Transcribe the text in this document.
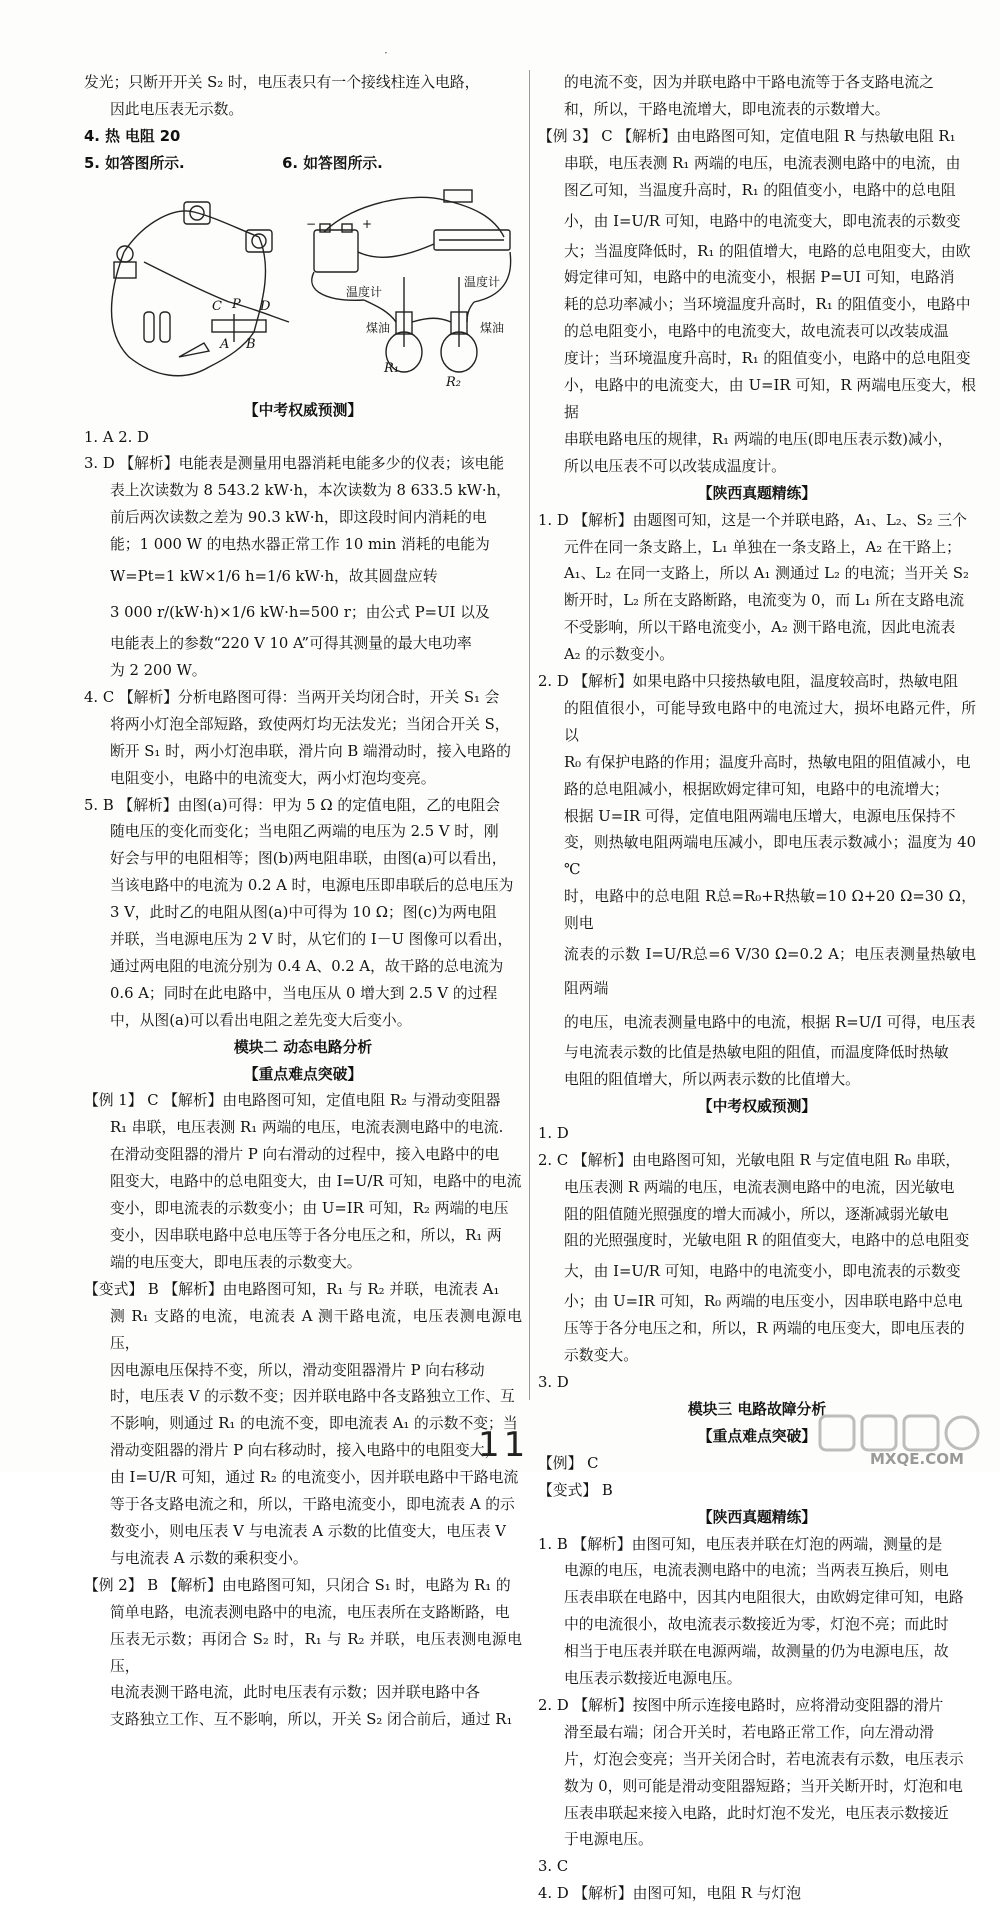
·

发光；只断开开关 S₂ 时，电压表只有一个接线柱连入电路，

因此电压表无示数。

4. 热 电阻 20

5. 如答图所示.	6. 如答图所示.

C P D
A B
R₁
R₂
+
−
温度计
温度计
煤油	煤油
【中考权威预测】

1. A 2. D

3. D 【解析】电能表是测量用电器消耗电能多少的仪表；该电能

表上次读数为 8 543.2 kW·h，本次读数为 8 633.5 kW·h，

前后两次读数之差为 90.3 kW·h，即这段时间内消耗的电

能；1 000 W 的电热水器正常工作 10 min 消耗的电能为

W=Pt=1 kW×1/6 h=1/6 kW·h，故其圆盘应转

3 000 r/(kW·h)×1/6 kW·h=500 r；由公式 P=UI 以及

电能表上的参数“220 V 10 A”可得其测量的最大电功率

为 2 200 W。

4. C 【解析】分析电路图可得：当两开关均闭合时，开关 S₁ 会

将两小灯泡全部短路，致使两灯均无法发光；当闭合开关 S，

断开 S₁ 时，两小灯泡串联，滑片向 B 端滑动时，接入电路的

电阻变小，电路中的电流变大，两小灯泡均变亮。

5. B 【解析】由图(a)可得：甲为 5 Ω 的定值电阻，乙的电阻会

随电压的变化而变化；当电阻乙两端的电压为 2.5 V 时，刚

好会与甲的电阻相等；图(b)两电阻串联，由图(a)可以看出，

当该电路中的电流为 0.2 A 时，电源电压即串联后的总电压为

3 V，此时乙的电阻从图(a)中可得为 10 Ω；图(c)为两电阻

并联，当电源电压为 2 V 时，从它们的 I－U 图像可以看出，

通过两电阻的电流分别为 0.4 A、0.2 A，故干路的总电流为

0.6 A；同时在此电路中，当电压从 0 增大到 2.5 V 的过程

中，从图(a)可以看出电阻之差先变大后变小。

模块二 动态电路分析
【重点难点突破】

【例 1】 C 【解析】由电路图可知，定值电阻 R₂ 与滑动变阻器

R₁ 串联，电压表测 R₁ 两端的电压，电流表测电路中的电流.

在滑动变阻器的滑片 P 向右滑动的过程中，接入电路中的电

阻变大，电路中的总电阻变大，由 I=U/R 可知，电路中的电流

变小，即电流表的示数变小；由 U=IR 可知，R₂ 两端的电压

变小，因串联电路中总电压等于各分电压之和，所以，R₁ 两

端的电压变大，即电压表的示数变大。

【变式】 B 【解析】由电路图可知，R₁ 与 R₂ 并联，电流表 A₁

测 R₁ 支路的电流，电流表 A 测干路电流，电压表测电源电压，

因电源电压保持不变，所以，滑动变阻器滑片 P 向右移动

时，电压表 V 的示数不变；因并联电路中各支路独立工作、互

不影响，则通过 R₁ 的电流不变，即电流表 A₁ 的示数不变；当

滑动变阻器的滑片 P 向右移动时，接入电路中的电阻变大，

由 I=U/R 可知，通过 R₂ 的电流变小，因并联电路中干路电流

等于各支路电流之和，所以，干路电流变小，即电流表 A 的示

数变小，则电压表 V 与电流表 A 示数的比值变大，电压表 V

与电流表 A 示数的乘积变小。

【例 2】 B 【解析】由电路图可知，只闭合 S₁ 时，电路为 R₁ 的

简单电路，电流表测电路中的电流，电压表所在支路断路，电

压表无示数；再闭合 S₂ 时，R₁ 与 R₂ 并联，电压表测电源电压，

电流表测干路电流，此时电压表有示数；因并联电路中各

支路独立工作、互不影响，所以，开关 S₂ 闭合前后，通过 R₁

的电流不变，因为并联电路中干路电流等于各支路电流之

和，所以，干路电流增大，即电流表的示数增大。

【例 3】 C 【解析】由电路图可知，定值电阻 R 与热敏电阻 R₁

串联，电压表测 R₁ 两端的电压，电流表测电路中的电流，由

图乙可知，当温度升高时，R₁ 的阻值变小，电路中的总电阻

小，由 I=U/R 可知，电路中的电流变大，即电流表的示数变

大；当温度降低时，R₁ 的阻值增大，电路的总电阻变大，由欧

姆定律可知，电路中的电流变小，根据 P=UI 可知，电路消

耗的总功率减小；当环境温度升高时，R₁ 的阻值变小，电路中

的总电阻变小，电路中的电流变大，故电流表可以改装成温

度计；当环境温度升高时，R₁ 的阻值变小，电路中的总电阻变

小，电路中的电流变大，由 U=IR 可知，R 两端电压变大，根据

串联电路电压的规律，R₁ 两端的电压(即电压表示数)减小，

所以电压表不可以改装成温度计。

【陕西真题精练】

1. D 【解析】由题图可知，这是一个并联电路，A₁、L₂、S₂ 三个

元件在同一条支路上，L₁ 单独在一条支路上，A₂ 在干路上；

A₁、L₂ 在同一支路上，所以 A₁ 测通过 L₂ 的电流；当开关 S₂

断开时，L₂ 所在支路断路，电流变为 0，而 L₁ 所在支路电流

不受影响，所以干路电流变小，A₂ 测干路电流，因此电流表

A₂ 的示数变小。

2. D 【解析】如果电路中只接热敏电阻，温度较高时，热敏电阻

的阻值很小，可能导致电路中的电流过大，损坏电路元件，所以

R₀ 有保护电路的作用；温度升高时，热敏电阻的阻值减小，电

路的总电阻减小，根据欧姆定律可知，电路中的电流增大；

根据 U=IR 可得，定值电阻两端电压增大，电源电压保持不

变，则热敏电阻两端电压减小，即电压表示数减小；温度为 40 ℃

时，电路中的总电阻 R总=R₀+R热敏=10 Ω+20 Ω=30 Ω，则电

流表的示数 I=U/R总=6 V/30 Ω=0.2 A；电压表测量热敏电阻两端

的电压，电流表测量电路中的电流，根据 R=U/I 可得，电压表

与电流表示数的比值是热敏电阻的阻值，而温度降低时热敏

电阻的阻值增大，所以两表示数的比值增大。

【中考权威预测】

1. D

2. C 【解析】由电路图可知，光敏电阻 R 与定值电阻 R₀ 串联，

电压表测 R 两端的电压，电流表测电路中的电流，因光敏电

阻的阻值随光照强度的增大而减小，所以，逐渐减弱光敏电

阻的光照强度时，光敏电阻 R 的阻值变大，电路中的总电阻变

大，由 I=U/R 可知，电路中的电流变小，即电流表的示数变

小；由 U=IR 可知，R₀ 两端的电压变小，因串联电路中总电

压等于各分电压之和，所以，R 两端的电压变大，即电压表的

示数变大。

3. D

模块三 电路故障分析
【重点难点突破】

【例】 C

【变式】 B

【陕西真题精练】

1. B 【解析】由图可知，电压表并联在灯泡的两端，测量的是

电源的电压，电流表测电路中的电流；当两表互换后，则电

压表串联在电路中，因其内电阻很大，由欧姆定律可知，电路

中的电流很小，故电流表示数接近为零，灯泡不亮；而此时

相当于电压表并联在电源两端，故测量的仍为电源电压，故

电压表示数接近电源电压。

2. D 【解析】按图中所示连接电路时，应将滑动变阻器的滑片

滑至最右端；闭合开关时，若电路正常工作，向左滑动滑

片，灯泡会变亮；当开关闭合时，若电流表有示数，电压表示

数为 0，则可能是滑动变阻器短路；当开关断开时，灯泡和电

压表串联起来接入电路，此时灯泡不发光，电压表示数接近

于电源电压。

3. C

4. D 【解析】由图可知，电阻 R 与灯泡

11	MXQE.COM
